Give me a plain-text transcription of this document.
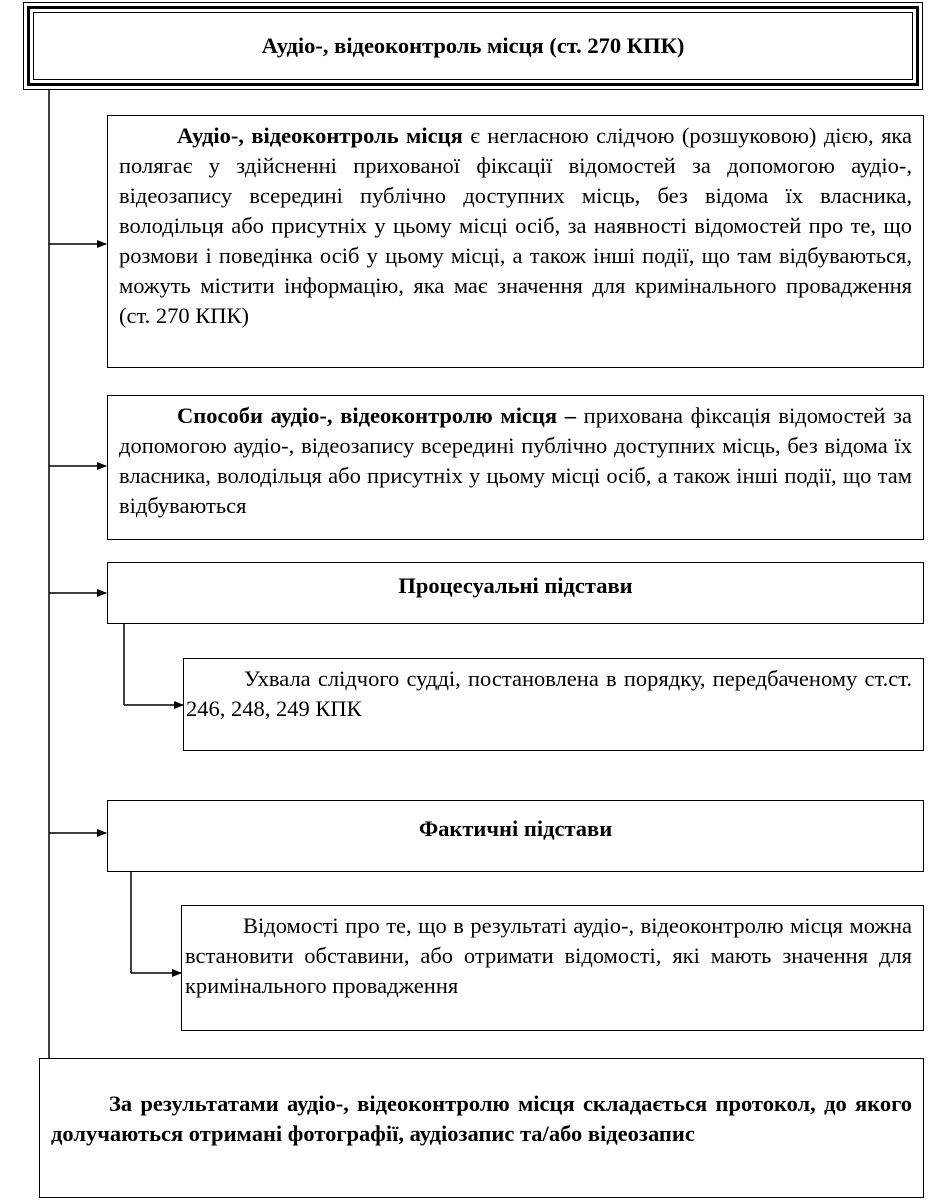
Аудіо-, відеоконтроль місця (ст. 270 КПК)
Аудіо-, відеоконтроль місця є негласною слідчою (розшуковою) дією, яка полягає у здійсненні прихованої фіксації відомостей за допомогою аудіо-, відеозапису всередині публічно доступних місць, без відома їх власника, володільця або присутніх у цьому місці осіб, за наявності відомостей про те, що розмови і поведінка осіб у цьому місці, а також інші події, що там відбуваються, можуть містити інформацію, яка має значення для кримінального провадження (ст. 270 КПК)
Способи аудіо-, відеоконтролю місця – прихована фіксація відомостей за допомогою аудіо-, відеозапису всередині публічно доступних місць, без відома їх власника, володільця або присутніх у цьому місці осіб, а також інші події, що там відбуваються
Процесуальні підстави
Ухвала слідчого судді, постановлена в порядку, передбаченому ст.ст. 246, 248, 249 КПК
Фактичні підстави
Відомості про те, що в результаті аудіо-, відеоконтролю місця можна встановити обставини, або отримати відомості, які мають значення для кримінального провадження
За результатами аудіо-, відеоконтролю місця складається протокол, до якого долучаються отримані фотографії, аудіозапис та/або відеозапис
